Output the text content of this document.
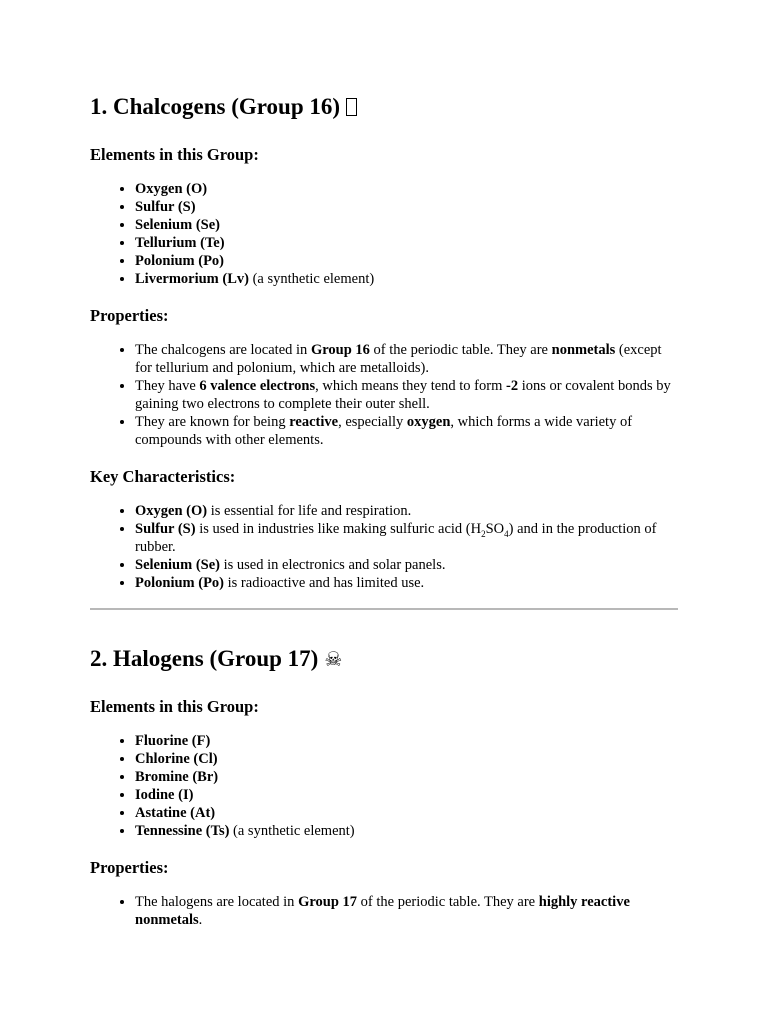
1. Chalcogens (Group 16)
Elements in this Group:
• Oxygen (O)
• Sulfur (S)
• Selenium (Se)
• Tellurium (Te)
• Polonium (Po)
• Livermorium (Lv) (a synthetic element)
Properties:
• The chalcogens are located in Group 16 of the periodic table. They are nonmetals (except for tellurium and polonium, which are metalloids).
• They have 6 valence electrons, which means they tend to form -2 ions or covalent bonds by gaining two electrons to complete their outer shell.
• They are known for being reactive, especially oxygen, which forms a wide variety of compounds with other elements.
Key Characteristics:
• Oxygen (O) is essential for life and respiration.
• Sulfur (S) is used in industries like making sulfuric acid $(H_2SO_4)$ and in the production of rubber.
• Selenium (Se) is used in electronics and solar panels.
• Polonium (Po) is radioactive and has limited use.
2. Halogens (Group 17) ☠
Elements in this Group:
• Fluorine (F)
• Chlorine (Cl)
• Bromine (Br)
• Iodine (I)
• Astatine (At)
• Tennessine (Ts) (a synthetic element)
Properties:
• The halogens are located in Group 17 of the periodic table. They are highly reactive nonmetals.
